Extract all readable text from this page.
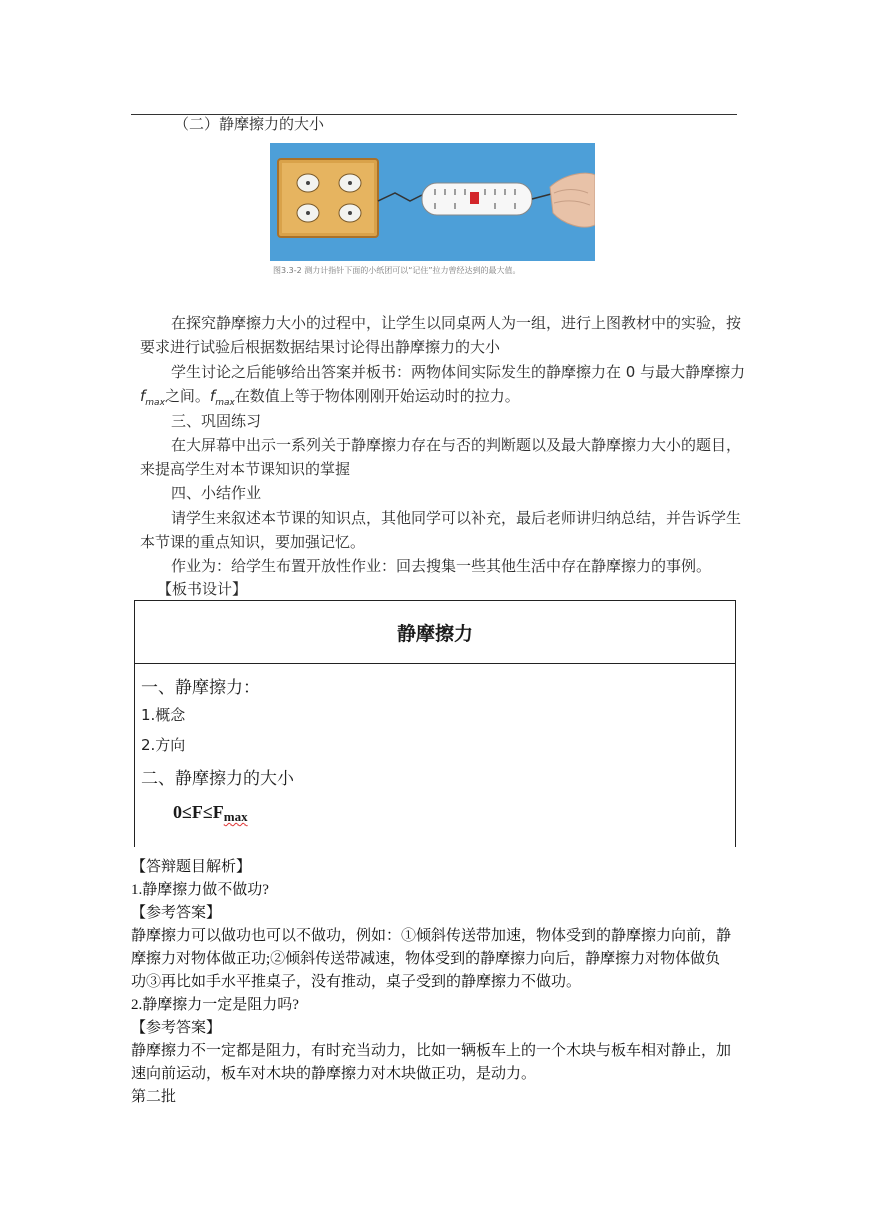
（二）静摩擦力的大小
图3.3-2 测力计指针下面的小纸团可以“记住”拉力曾经达到的最大值。
在探究静摩擦力大小的过程中，让学生以同桌两人为一组，进行上图教材中的实验，按
要求进行试验后根据数据结果讨论得出静摩擦力的大小
学生讨论之后能够给出答案并板书：两物体间实际发生的静摩擦力在 0 与最大静摩擦力
$f_{max}$之间。$f_{max}$在数值上等于物体刚刚开始运动时的拉力。
三、巩固练习
在大屏幕中出示一系列关于静摩擦力存在与否的判断题以及最大静摩擦力大小的题目，
来提高学生对本节课知识的掌握
四、小结作业
请学生来叙述本节课的知识点，其他同学可以补充，最后老师讲归纳总结，并告诉学生
本节课的重点知识，要加强记忆。
作业为：给学生布置开放性作业：回去搜集一些其他生活中存在静摩擦力的事例。
【板书设计】
静摩擦力
一、静摩擦力：
1.概念
2.方向
二、静摩擦力的大小
0≤F≤Fmax
【答辩题目解析】
1.静摩擦力做不做功?
【参考答案】
静摩擦力可以做功也可以不做功，例如：①倾斜传送带加速，物体受到的静摩擦力向前，静
摩擦力对物体做正功;②倾斜传送带减速，物体受到的静摩擦力向后，静摩擦力对物体做负
功③再比如手水平推桌子，没有推动，桌子受到的静摩擦力不做功。
2.静摩擦力一定是阻力吗?
【参考答案】
静摩擦力不一定都是阻力，有时充当动力，比如一辆板车上的一个木块与板车相对静止，加
速向前运动，板车对木块的静摩擦力对木块做正功，是动力。
第二批
